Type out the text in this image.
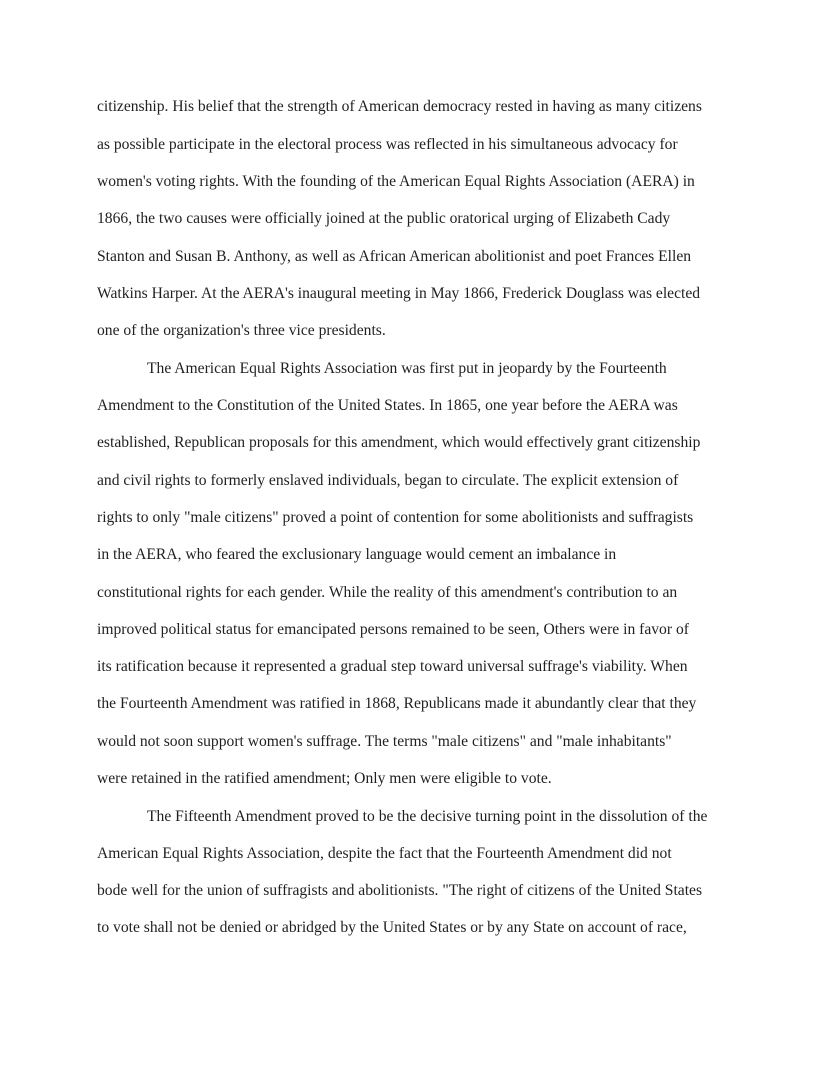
citizenship. His belief that the strength of American democracy rested in having as many citizens

as possible participate in the electoral process was reflected in his simultaneous advocacy for

women's voting rights. With the founding of the American Equal Rights Association (AERA) in

1866, the two causes were officially joined at the public oratorical urging of Elizabeth Cady

Stanton and Susan B. Anthony, as well as African American abolitionist and poet Frances Ellen

Watkins Harper. At the AERA's inaugural meeting in May 1866, Frederick Douglass was elected

one of the organization's three vice presidents.

The American Equal Rights Association was first put in jeopardy by the Fourteenth

Amendment to the Constitution of the United States. In 1865, one year before the AERA was

established, Republican proposals for this amendment, which would effectively grant citizenship

and civil rights to formerly enslaved individuals, began to circulate. The explicit extension of

rights to only "male citizens" proved a point of contention for some abolitionists and suffragists

in the AERA, who feared the exclusionary language would cement an imbalance in

constitutional rights for each gender. While the reality of this amendment's contribution to an

improved political status for emancipated persons remained to be seen, Others were in favor of

its ratification because it represented a gradual step toward universal suffrage's viability. When

the Fourteenth Amendment was ratified in 1868, Republicans made it abundantly clear that they

would not soon support women's suffrage. The terms "male citizens" and "male inhabitants"

were retained in the ratified amendment; Only men were eligible to vote.

The Fifteenth Amendment proved to be the decisive turning point in the dissolution of the

American Equal Rights Association, despite the fact that the Fourteenth Amendment did not

bode well for the union of suffragists and abolitionists. "The right of citizens of the United States

to vote shall not be denied or abridged by the United States or by any State on account of race,
